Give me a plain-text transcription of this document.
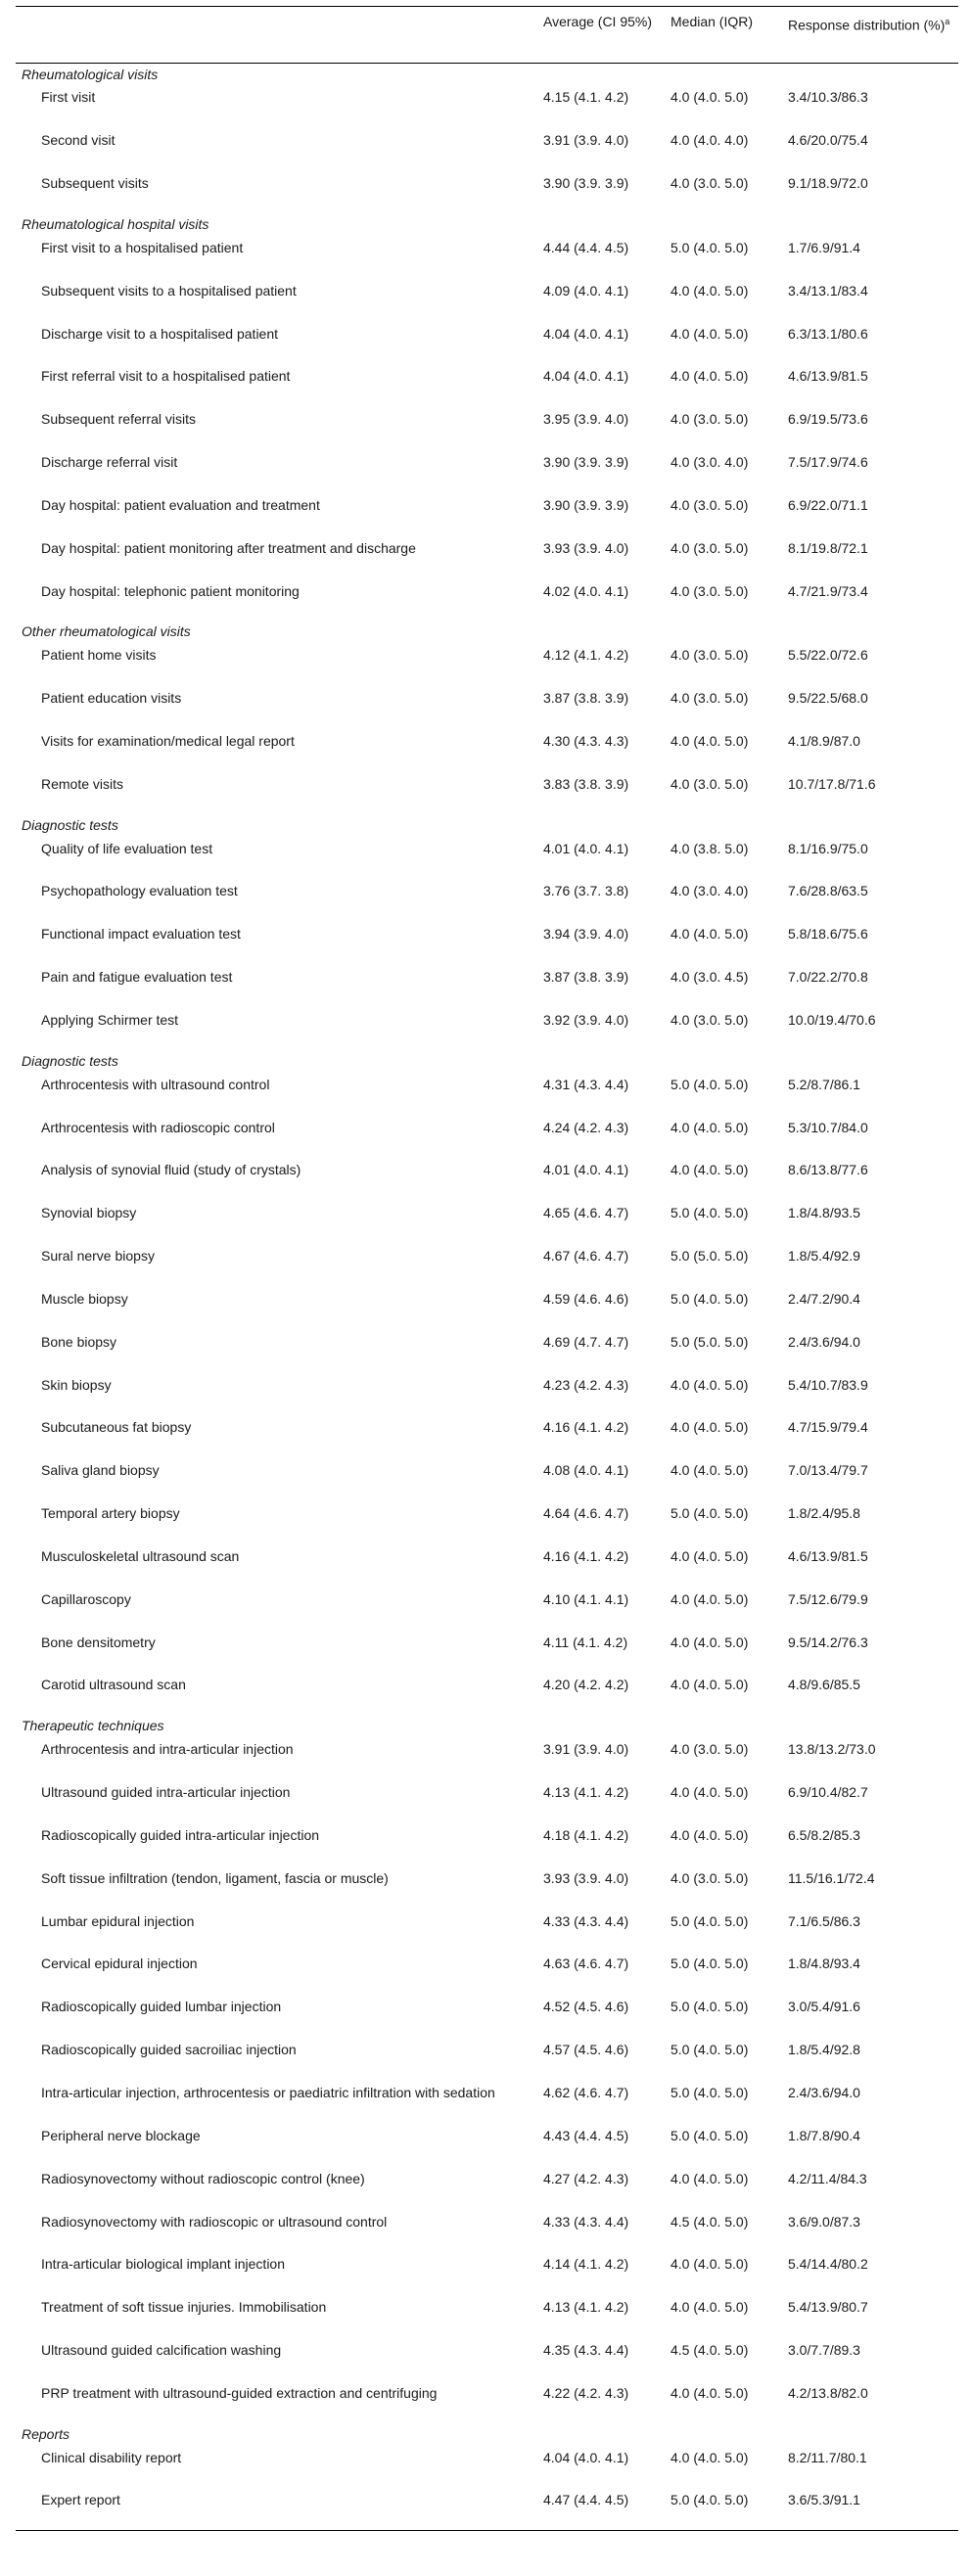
	Average (CI 95%)	Median (IQR)	Response distribution (%)$^a$
Rheumatological visits			
First visit	4.15 (4.1. 4.2)	4.0 (4.0. 5.0)	3.4/10.3/86.3
Second visit	3.91 (3.9. 4.0)	4.0 (4.0. 4.0)	4.6/20.0/75.4
Subsequent visits	3.90 (3.9. 3.9)	4.0 (3.0. 5.0)	9.1/18.9/72.0
Rheumatological hospital visits			
First visit to a hospitalised patient	4.44 (4.4. 4.5)	5.0 (4.0. 5.0)	1.7/6.9/91.4
Subsequent visits to a hospitalised patient	4.09 (4.0. 4.1)	4.0 (4.0. 5.0)	3.4/13.1/83.4
Discharge visit to a hospitalised patient	4.04 (4.0. 4.1)	4.0 (4.0. 5.0)	6.3/13.1/80.6
First referral visit to a hospitalised patient	4.04 (4.0. 4.1)	4.0 (4.0. 5.0)	4.6/13.9/81.5
Subsequent referral visits	3.95 (3.9. 4.0)	4.0 (3.0. 5.0)	6.9/19.5/73.6
Discharge referral visit	3.90 (3.9. 3.9)	4.0 (3.0. 4.0)	7.5/17.9/74.6
Day hospital: patient evaluation and treatment	3.90 (3.9. 3.9)	4.0 (3.0. 5.0)	6.9/22.0/71.1
Day hospital: patient monitoring after treatment and discharge	3.93 (3.9. 4.0)	4.0 (3.0. 5.0)	8.1/19.8/72.1
Day hospital: telephonic patient monitoring	4.02 (4.0. 4.1)	4.0 (3.0. 5.0)	4.7/21.9/73.4
Other rheumatological visits			
Patient home visits	4.12 (4.1. 4.2)	4.0 (3.0. 5.0)	5.5/22.0/72.6
Patient education visits	3.87 (3.8. 3.9)	4.0 (3.0. 5.0)	9.5/22.5/68.0
Visits for examination/medical legal report	4.30 (4.3. 4.3)	4.0 (4.0. 5.0)	4.1/8.9/87.0
Remote visits	3.83 (3.8. 3.9)	4.0 (3.0. 5.0)	10.7/17.8/71.6
Diagnostic tests			
Quality of life evaluation test	4.01 (4.0. 4.1)	4.0 (3.8. 5.0)	8.1/16.9/75.0
Psychopathology evaluation test	3.76 (3.7. 3.8)	4.0 (3.0. 4.0)	7.6/28.8/63.5
Functional impact evaluation test	3.94 (3.9. 4.0)	4.0 (4.0. 5.0)	5.8/18.6/75.6
Pain and fatigue evaluation test	3.87 (3.8. 3.9)	4.0 (3.0. 4.5)	7.0/22.2/70.8
Applying Schirmer test	3.92 (3.9. 4.0)	4.0 (3.0. 5.0)	10.0/19.4/70.6
Diagnostic tests			
Arthrocentesis with ultrasound control	4.31 (4.3. 4.4)	5.0 (4.0. 5.0)	5.2/8.7/86.1
Arthrocentesis with radioscopic control	4.24 (4.2. 4.3)	4.0 (4.0. 5.0)	5.3/10.7/84.0
Analysis of synovial fluid (study of crystals)	4.01 (4.0. 4.1)	4.0 (4.0. 5.0)	8.6/13.8/77.6
Synovial biopsy	4.65 (4.6. 4.7)	5.0 (4.0. 5.0)	1.8/4.8/93.5
Sural nerve biopsy	4.67 (4.6. 4.7)	5.0 (5.0. 5.0)	1.8/5.4/92.9
Muscle biopsy	4.59 (4.6. 4.6)	5.0 (4.0. 5.0)	2.4/7.2/90.4
Bone biopsy	4.69 (4.7. 4.7)	5.0 (5.0. 5.0)	2.4/3.6/94.0
Skin biopsy	4.23 (4.2. 4.3)	4.0 (4.0. 5.0)	5.4/10.7/83.9
Subcutaneous fat biopsy	4.16 (4.1. 4.2)	4.0 (4.0. 5.0)	4.7/15.9/79.4
Saliva gland biopsy	4.08 (4.0. 4.1)	4.0 (4.0. 5.0)	7.0/13.4/79.7
Temporal artery biopsy	4.64 (4.6. 4.7)	5.0 (4.0. 5.0)	1.8/2.4/95.8
Musculoskeletal ultrasound scan	4.16 (4.1. 4.2)	4.0 (4.0. 5.0)	4.6/13.9/81.5
Capillaroscopy	4.10 (4.1. 4.1)	4.0 (4.0. 5.0)	7.5/12.6/79.9
Bone densitometry	4.11 (4.1. 4.2)	4.0 (4.0. 5.0)	9.5/14.2/76.3
Carotid ultrasound scan	4.20 (4.2. 4.2)	4.0 (4.0. 5.0)	4.8/9.6/85.5
Therapeutic techniques			
Arthrocentesis and intra-articular injection	3.91 (3.9. 4.0)	4.0 (3.0. 5.0)	13.8/13.2/73.0
Ultrasound guided intra-articular injection	4.13 (4.1. 4.2)	4.0 (4.0. 5.0)	6.9/10.4/82.7
Radioscopically guided intra-articular injection	4.18 (4.1. 4.2)	4.0 (4.0. 5.0)	6.5/8.2/85.3
Soft tissue infiltration (tendon, ligament, fascia or muscle)	3.93 (3.9. 4.0)	4.0 (3.0. 5.0)	11.5/16.1/72.4
Lumbar epidural injection	4.33 (4.3. 4.4)	5.0 (4.0. 5.0)	7.1/6.5/86.3
Cervical epidural injection	4.63 (4.6. 4.7)	5.0 (4.0. 5.0)	1.8/4.8/93.4
Radioscopically guided lumbar injection	4.52 (4.5. 4.6)	5.0 (4.0. 5.0)	3.0/5.4/91.6
Radioscopically guided sacroiliac injection	4.57 (4.5. 4.6)	5.0 (4.0. 5.0)	1.8/5.4/92.8
Intra-articular injection, arthrocentesis or paediatric infiltration with sedation	4.62 (4.6. 4.7)	5.0 (4.0. 5.0)	2.4/3.6/94.0
Peripheral nerve blockage	4.43 (4.4. 4.5)	5.0 (4.0. 5.0)	1.8/7.8/90.4
Radiosynovectomy without radioscopic control (knee)	4.27 (4.2. 4.3)	4.0 (4.0. 5.0)	4.2/11.4/84.3
Radiosynovectomy with radioscopic or ultrasound control	4.33 (4.3. 4.4)	4.5 (4.0. 5.0)	3.6/9.0/87.3
Intra-articular biological implant injection	4.14 (4.1. 4.2)	4.0 (4.0. 5.0)	5.4/14.4/80.2
Treatment of soft tissue injuries. Immobilisation	4.13 (4.1. 4.2)	4.0 (4.0. 5.0)	5.4/13.9/80.7
Ultrasound guided calcification washing	4.35 (4.3. 4.4)	4.5 (4.0. 5.0)	3.0/7.7/89.3
PRP treatment with ultrasound-guided extraction and centrifuging	4.22 (4.2. 4.3)	4.0 (4.0. 5.0)	4.2/13.8/82.0
Reports			
Clinical disability report	4.04 (4.0. 4.1)	4.0 (4.0. 5.0)	8.2/11.7/80.1
Expert report	4.47 (4.4. 4.5)	5.0 (4.0. 5.0)	3.6/5.3/91.1
